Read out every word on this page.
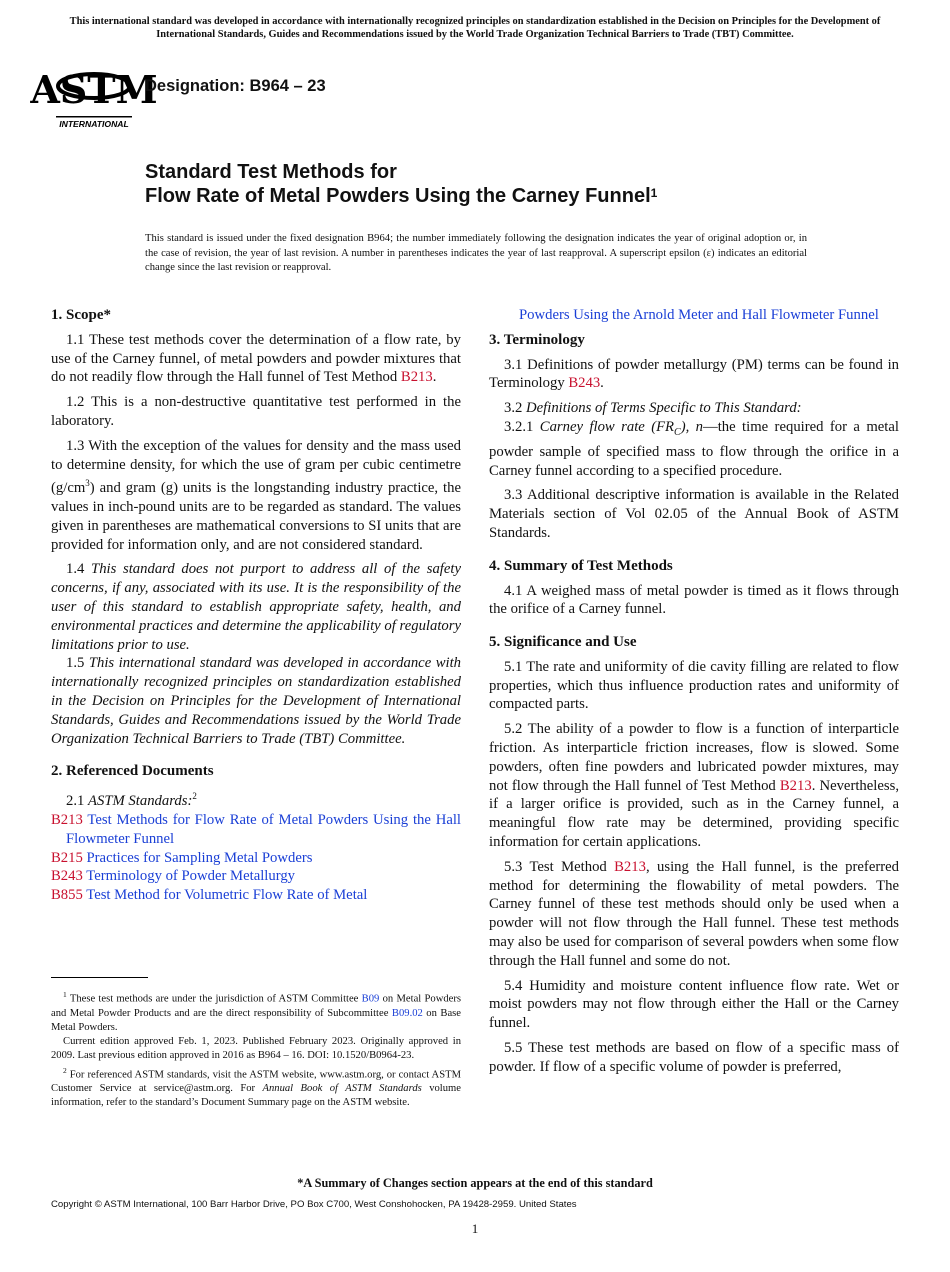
This international standard was developed in accordance with internationally recognized principles on standardization established in the Decision on Principles for the Development of International Standards, Guides and Recommendations issued by the World Trade Organization Technical Barriers to Trade (TBT) Committee.
ASTM
INTERNATIONAL
Designation: B964 – 23
Standard Test Methods for
Flow Rate of Metal Powders Using the Carney Funnel$^1$
This standard is issued under the fixed designation B964; the number immediately following the designation indicates the year of original adoption or, in the case of revision, the year of last revision. A number in parentheses indicates the year of last reapproval. A superscript epsilon (ε) indicates an editorial change since the last revision or reapproval.
1. Scope*

1.1 These test methods cover the determination of a flow rate, by use of the Carney funnel, of metal powders and powder mixtures that do not readily flow through the Hall funnel of Test Method B213.

1.2 This is a non-destructive quantitative test performed in the laboratory.

1.3 With the exception of the values for density and the mass used to determine density, for which the use of gram per cubic centimetre $(g/cm^3)$ and gram (g) units is the longstanding industry practice, the values in inch-pound units are to be regarded as standard. The values given in parentheses are mathematical conversions to SI units that are provided for information only, and are not considered standard.

1.4 This standard does not purport to address all of the safety concerns, if any, associated with its use. It is the responsibility of the user of this standard to establish appropriate safety, health, and environmental practices and determine the applicability of regulatory limitations prior to use.

1.5 This international standard was developed in accordance with internationally recognized principles on standardization established in the Decision on Principles for the Development of International Standards, Guides and Recommendations issued by the World Trade Organization Technical Barriers to Trade (TBT) Committee.

2. Referenced Documents

2.1 ASTM Standards:$^2$

B213 Test Methods for Flow Rate of Metal Powders Using the Hall Flowmeter Funnel
B215 Practices for Sampling Metal Powders
B243 Terminology of Powder Metallurgy
B855 Test Method for Volumetric Flow Rate of Metal

$^1$ These test methods are under the jurisdiction of ASTM Committee B09 on Metal Powders and Metal Powder Products and are the direct responsibility of Subcommittee B09.02 on Base Metal Powders.

Current edition approved Feb. 1, 2023. Published February 2023. Originally approved in 2009. Last previous edition approved in 2016 as B964 – 16. DOI: 10.1520/B0964-23.

$^2$ For referenced ASTM standards, visit the ASTM website, www.astm.org, or contact ASTM Customer Service at service@astm.org. For Annual Book of ASTM Standards volume information, refer to the standard’s Document Summary page on the ASTM website.

Powders Using the Arnold Meter and Hall Flowmeter Funnel

3. Terminology

3.1 Definitions of powder metallurgy (PM) terms can be found in Terminology B243.

3.2 Definitions of Terms Specific to This Standard:

3.2.1 Carney flow rate $(FR_C)$, n—the time required for a metal powder sample of specified mass to flow through the orifice in a Carney funnel according to a specified procedure.

3.3 Additional descriptive information is available in the Related Materials section of Vol 02.05 of the Annual Book of ASTM Standards.

4. Summary of Test Methods

4.1 A weighed mass of metal powder is timed as it flows through the orifice of a Carney funnel.

5. Significance and Use

5.1 The rate and uniformity of die cavity filling are related to flow properties, which thus influence production rates and uniformity of compacted parts.

5.2 The ability of a powder to flow is a function of interparticle friction. As interparticle friction increases, flow is slowed. Some powders, often fine powders and lubricated powder mixtures, may not flow through the Hall funnel of Test Method B213. Nevertheless, if a larger orifice is provided, such as in the Carney funnel, a meaningful flow rate may be determined, providing specific information for certain applications.

5.3 Test Method B213, using the Hall funnel, is the preferred method for determining the flowability of metal powders. The Carney funnel of these test methods should only be used when a powder will not flow through the Hall funnel. These test methods may also be used for comparison of several powders when some flow through the Hall funnel and some do not.

5.4 Humidity and moisture content influence flow rate. Wet or moist powders may not flow through either the Hall or the Carney funnel.

5.5 These test methods are based on flow of a specific mass of powder. If flow of a specific volume of powder is preferred,

*A Summary of Changes section appears at the end of this standard
Copyright © ASTM International, 100 Barr Harbor Drive, PO Box C700, West Conshohocken, PA 19428-2959. United States
1
